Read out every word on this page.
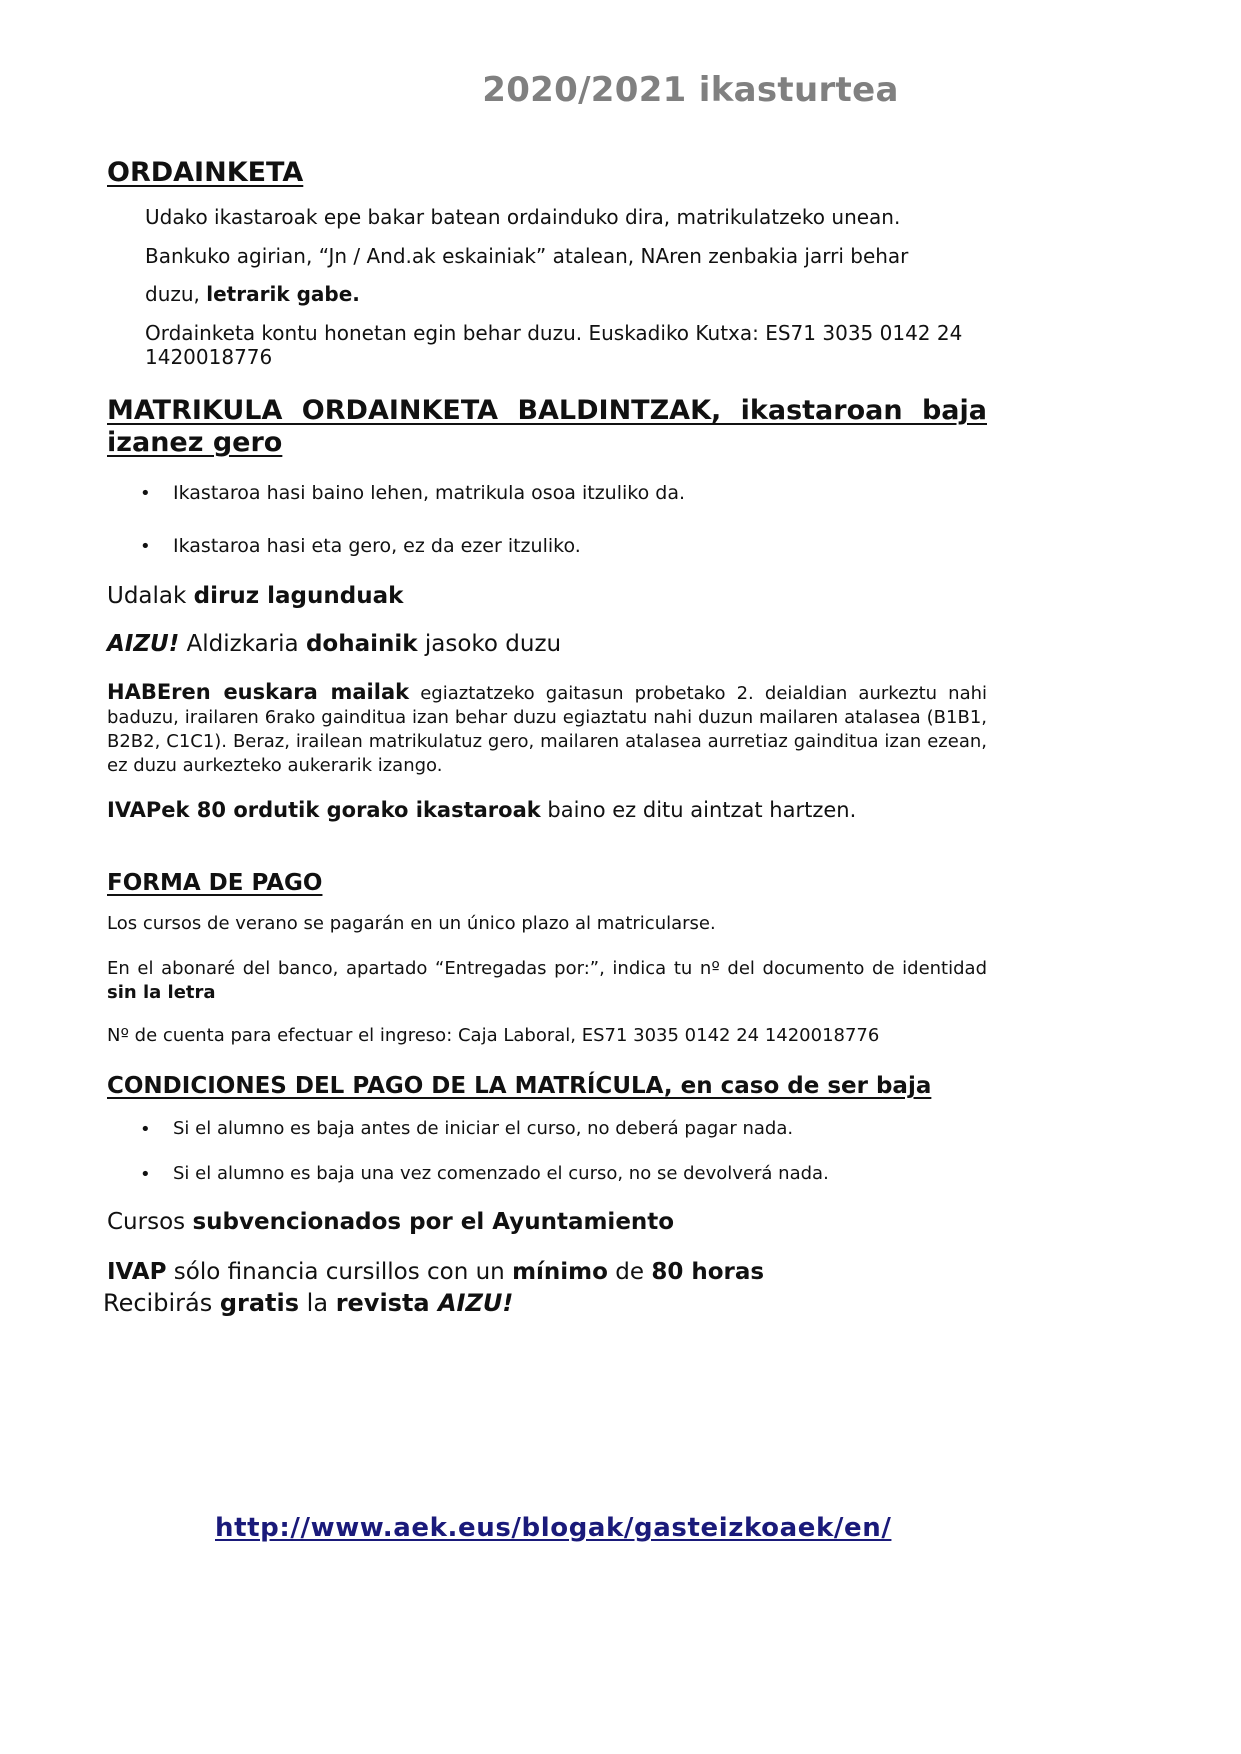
2020/2021 ikasturtea
ORDAINKETA
Udako ikastaroak epe bakar batean ordainduko dira, matrikulatzeko unean.
Bankuko agirian, “Jn / And.ak eskainiak” atalean, NAren zenbakia jarri behar
duzu, letrarik gabe.
Ordainketa kontu honetan egin behar duzu. Euskadiko Kutxa: ES71 3035 0142 24
1420018776
MATRIKULA  ORDAINKETA  BALDINTZAK,  ikastaroan  baja
izanez gero
• Ikastaroa hasi baino lehen, matrikula osoa itzuliko da.
• Ikastaroa hasi eta gero, ez da ezer itzuliko.
Udalak diruz lagunduak
AIZU! Aldizkaria dohainik jasoko duzu
HABEren euskara mailak egiaztatzeko gaitasun probetako 2. deialdian aurkeztu nahi baduzu, irailaren 6rako gainditua izan behar duzu egiaztatu nahi duzun mailaren atalasea (B1B1, B2B2, C1C1). Beraz, irailean matrikulatuz gero, mailaren atalasea aurretiaz gainditua izan ezean, ez duzu aurkezteko aukerarik izango.
IVAPek 80 ordutik gorako ikastaroak baino ez ditu aintzat hartzen.
FORMA DE PAGO
Los cursos de verano se pagarán en un único plazo al matricularse.
En el abonaré del banco, apartado “Entregadas por:”, indica tu nº del documento de identidad sin la letra
Nº de cuenta para efectuar el ingreso: Caja Laboral, ES71 3035 0142 24 1420018776
CONDICIONES DEL PAGO DE LA MATRÍCULA, en caso de ser baja
• Si el alumno es baja antes de iniciar el curso, no deberá pagar nada.
• Si el alumno es baja una vez comenzado el curso, no se devolverá nada.
Cursos subvencionados por el Ayuntamiento
IVAP sólo financia cursillos con un mínimo de 80 horas
Recibirás gratis la revista AIZU!
http://www.aek.eus/blogak/gasteizkoaek/en/
